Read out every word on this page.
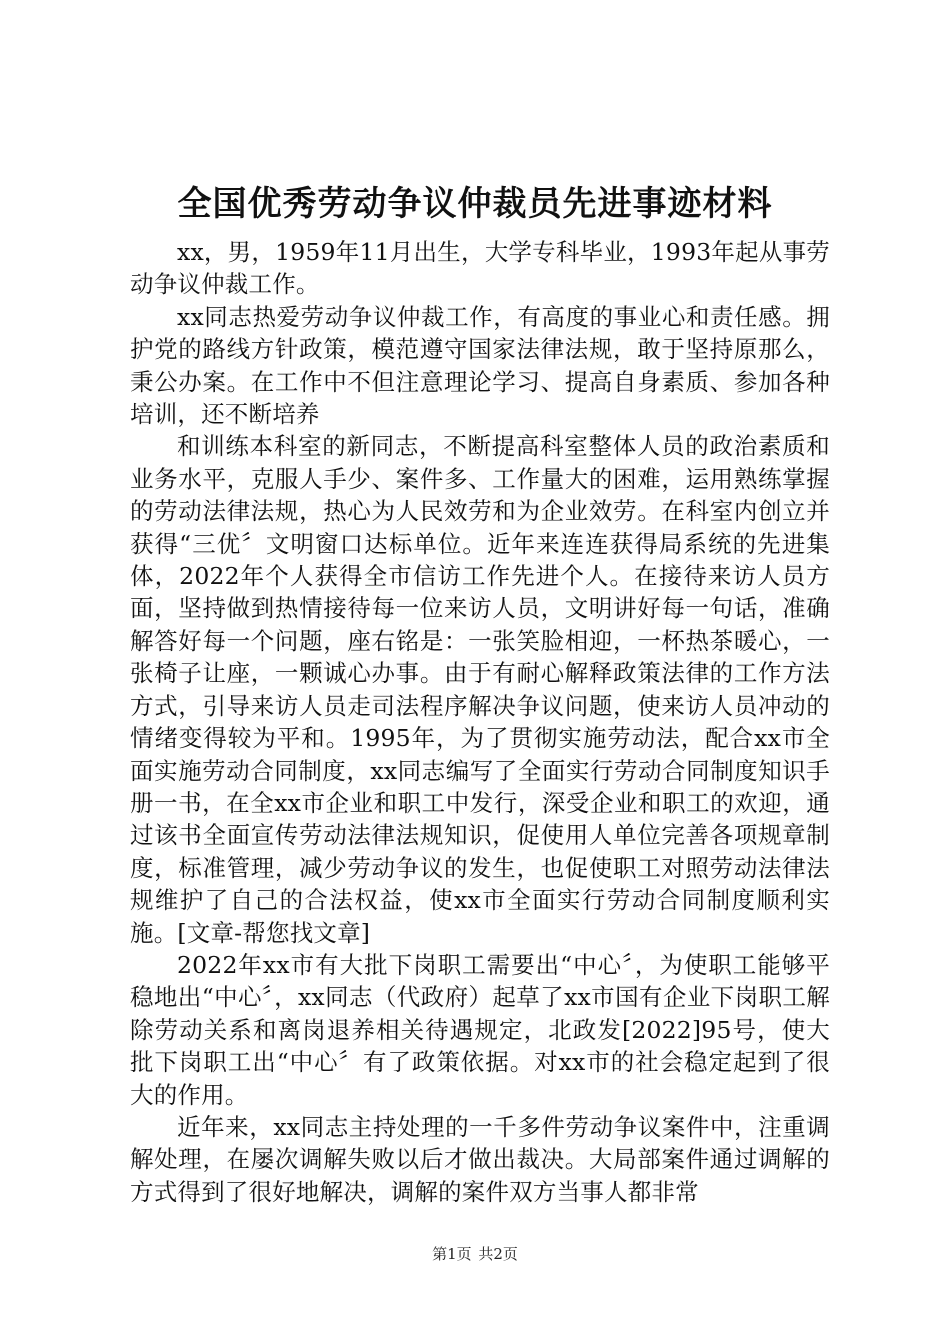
全国优秀劳动争议仲裁员先进事迹材料

xx，男，1959年11月出生，大学专科毕业，1993年起从事劳动争议仲裁工作。

xx同志热爱劳动争议仲裁工作，有高度的事业心和责任感。拥护党的路线方针政策，模范遵守国家法律法规，敢于坚持原那么，秉公办案。在工作中不但注意理论学习、提高自身素质、参加各种培训，还不断培养

和训练本科室的新同志，不断提高科室整体人员的政治素质和业务水平，克服人手少、案件多、工作量大的困难，运用熟练掌握的劳动法律法规，热心为人民效劳和为企业效劳。在科室内创立并获得“三优〞文明窗口达标单位。近年来连连获得局系统的先进集体，2022年个人获得全市信访工作先进个人。在接待来访人员方面，坚持做到热情接待每一位来访人员，文明讲好每一句话，准确解答好每一个问题，座右铭是：一张笑脸相迎，一杯热茶暖心，一张椅子让座，一颗诚心办事。由于有耐心解释政策法律的工作方法方式，引导来访人员走司法程序解决争议问题，使来访人员冲动的情绪变得较为平和。1995年，为了贯彻实施劳动法，配合xx市全面实施劳动合同制度，xx同志编写了全面实行劳动合同制度知识手册一书，在全xx市企业和职工中发行，深受企业和职工的欢迎，通过该书全面宣传劳动法律法规知识，促使用人单位完善各项规章制度，标准管理，减少劳动争议的发生，也促使职工对照劳动法律法规维护了自己的合法权益，使xx市全面实行劳动合同制度顺利实施。[文章-帮您找文章]

2022年xx市有大批下岗职工需要出“中心〞，为使职工能够平稳地出“中心〞，xx同志（代政府）起草了xx市国有企业下岗职工解除劳动关系和离岗退养相关待遇规定，北政发[2022]95号，使大批下岗职工出“中心〞有了政策依据。对xx市的社会稳定起到了很大的作用。

近年来，xx同志主持处理的一千多件劳动争议案件中，注重调解处理，在屡次调解失败以后才做出裁决。大局部案件通过调解的方式得到了很好地解决，调解的案件双方当事人都非常

第1页 共2页
